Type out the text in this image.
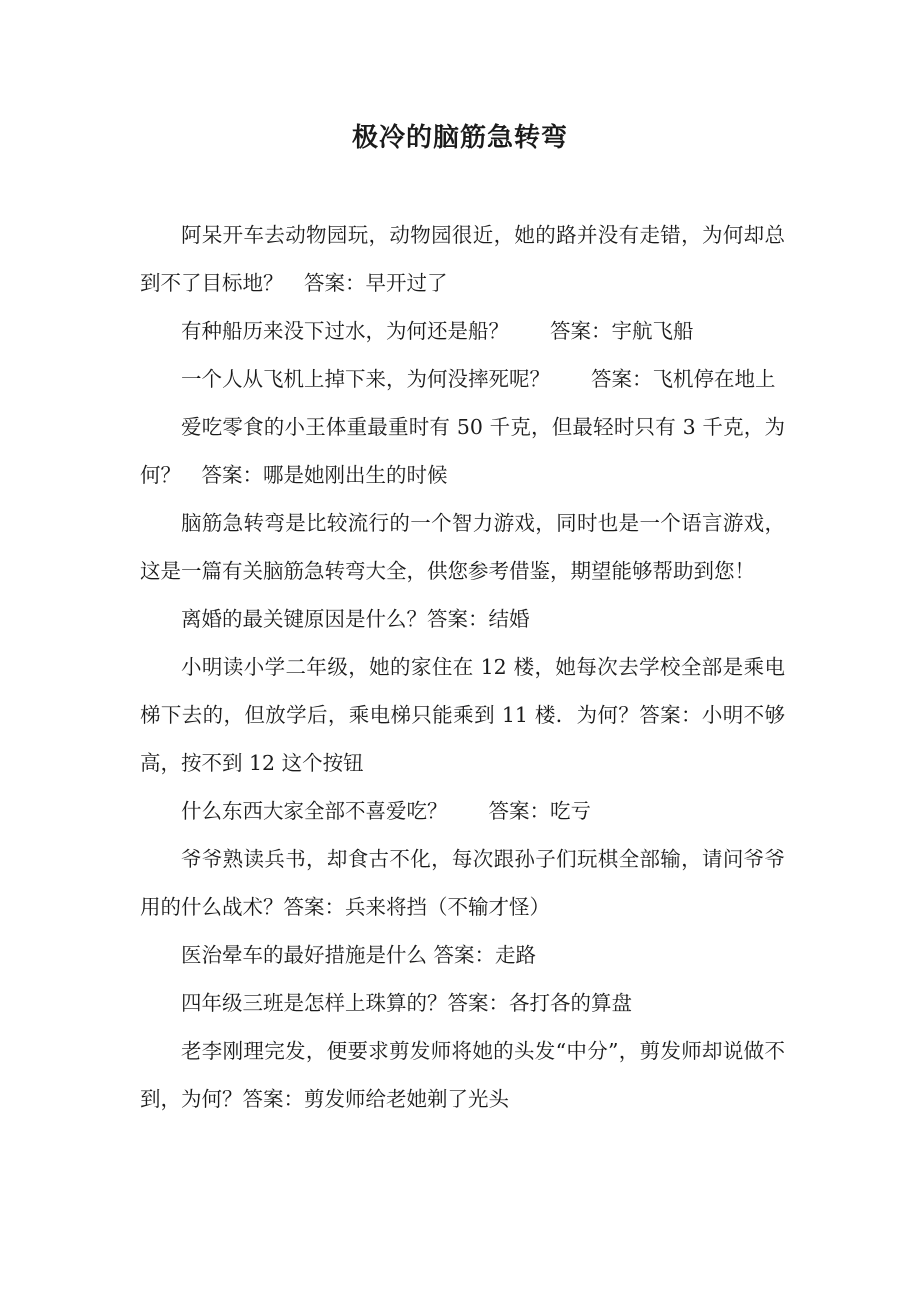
极冷的脑筋急转弯

阿呆开车去动物园玩，动物园很近，她的路并没有走错，为何却总到不了目标地？　答案：早开过了

有种船历来没下过水，为何还是船？　　答案：宇航飞船

一个人从飞机上掉下来，为何没摔死呢？　　答案：飞机停在地上

爱吃零食的小王体重最重时有 50 千克，但最轻时只有 3 千克，为何？　答案：哪是她刚出生的时候

脑筋急转弯是比较流行的一个智力游戏，同时也是一个语言游戏，这是一篇有关脑筋急转弯大全，供您参考借鉴，期望能够帮助到您！

离婚的最关键原因是什么？答案：结婚

小明读小学二年级，她的家住在 12 楼，她每次去学校全部是乘电梯下去的，但放学后，乘电梯只能乘到 11 楼．为何？答案：小明不够高，按不到 12 这个按钮

什么东西大家全部不喜爱吃？　　答案：吃亏

爷爷熟读兵书，却食古不化，每次跟孙子们玩棋全部输，请问爷爷用的什么战术？答案：兵来将挡（不输才怪）

医治晕车的最好措施是什么 答案：走路

四年级三班是怎样上珠算的？答案：各打各的算盘

老李刚理完发，便要求剪发师将她的头发“中分”，剪发师却说做不到，为何？答案：剪发师给老她剃了光头
